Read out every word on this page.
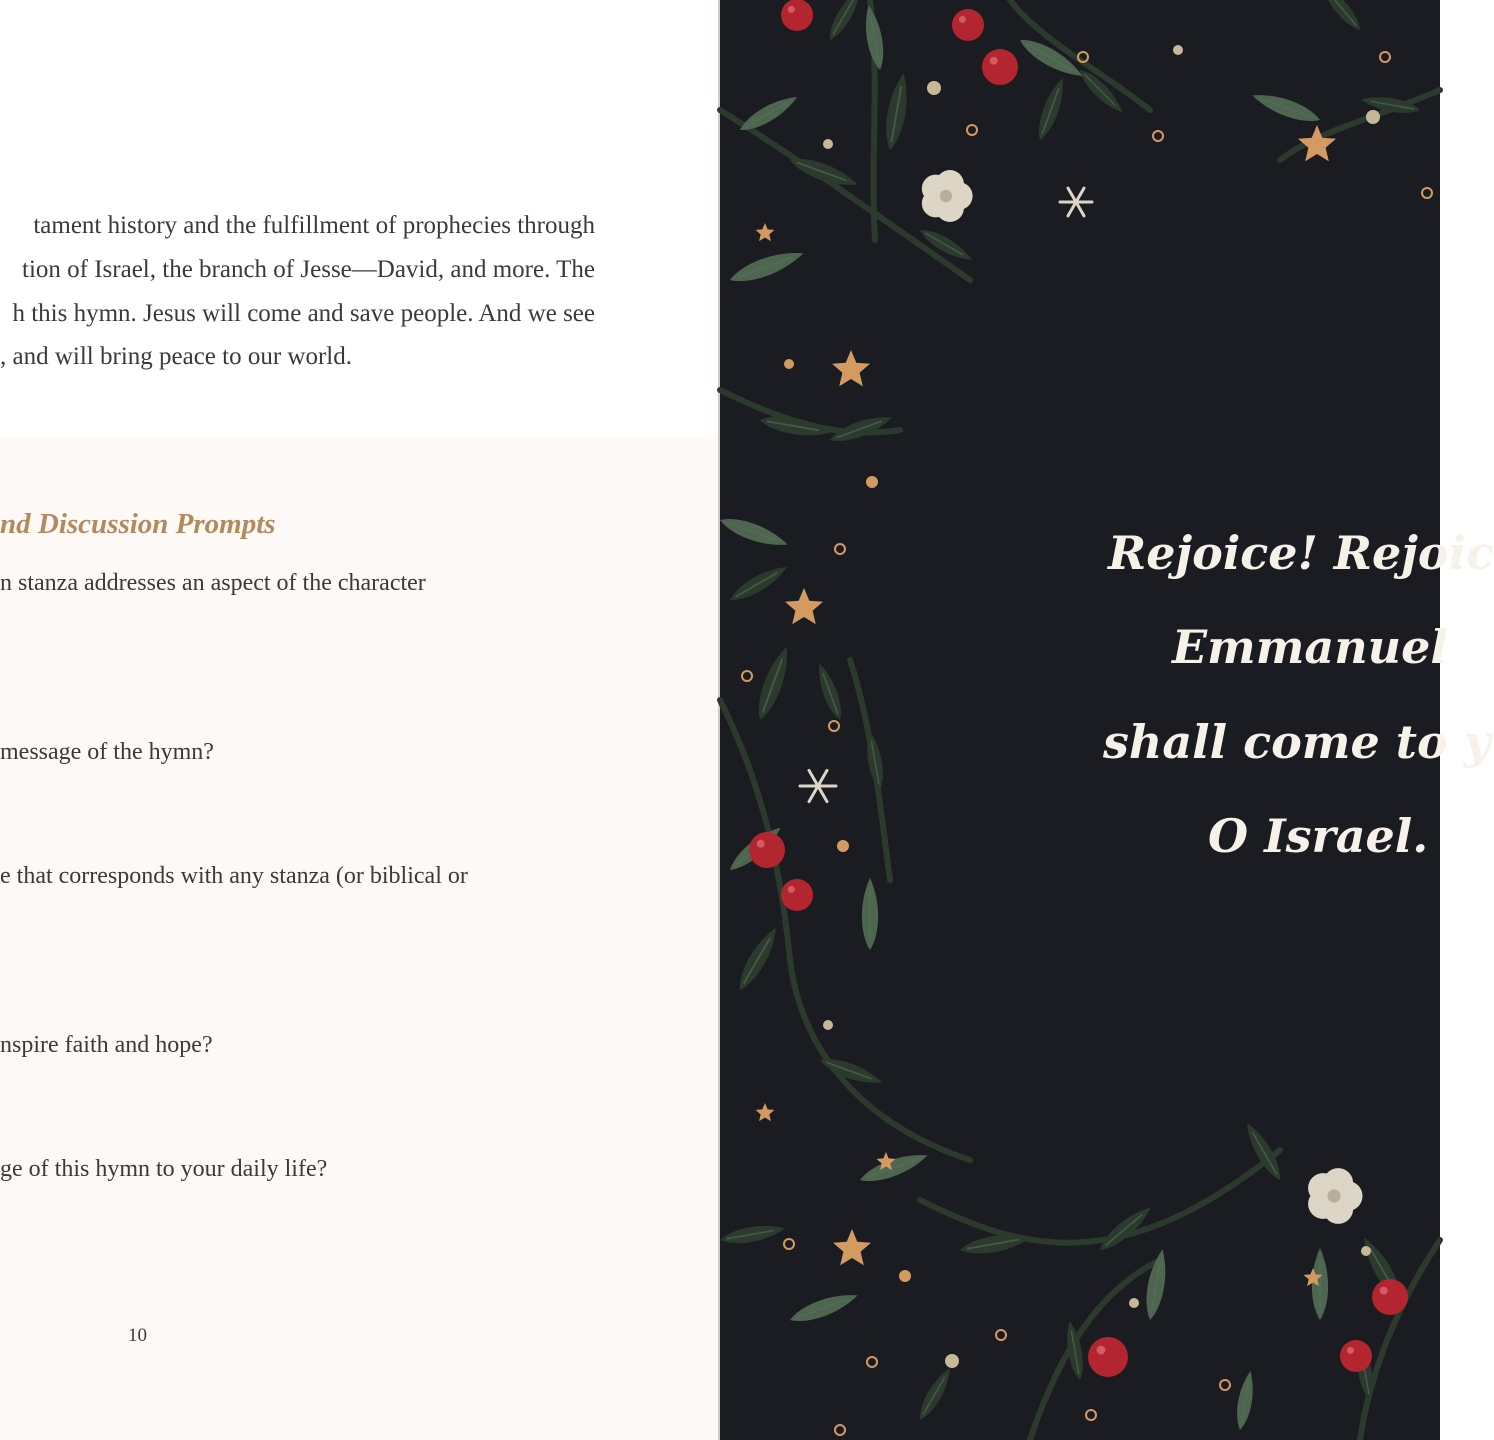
tament history and the fulfillment of prophecies through

tion of Israel, the branch of Jesse—David, and more. The

h this hymn. Jesus will come and save people. And we see

, and will bring peace to our world.

nd Discussion Prompts

n stanza addresses an aspect of the character

message of the hymn?

e that corresponds with any stanza (or biblical or

nspire faith and hope?

ge of this hymn to your daily life?

10

Rejoice! Rejoic

Emmanuel

shall come to y

O Israel.
